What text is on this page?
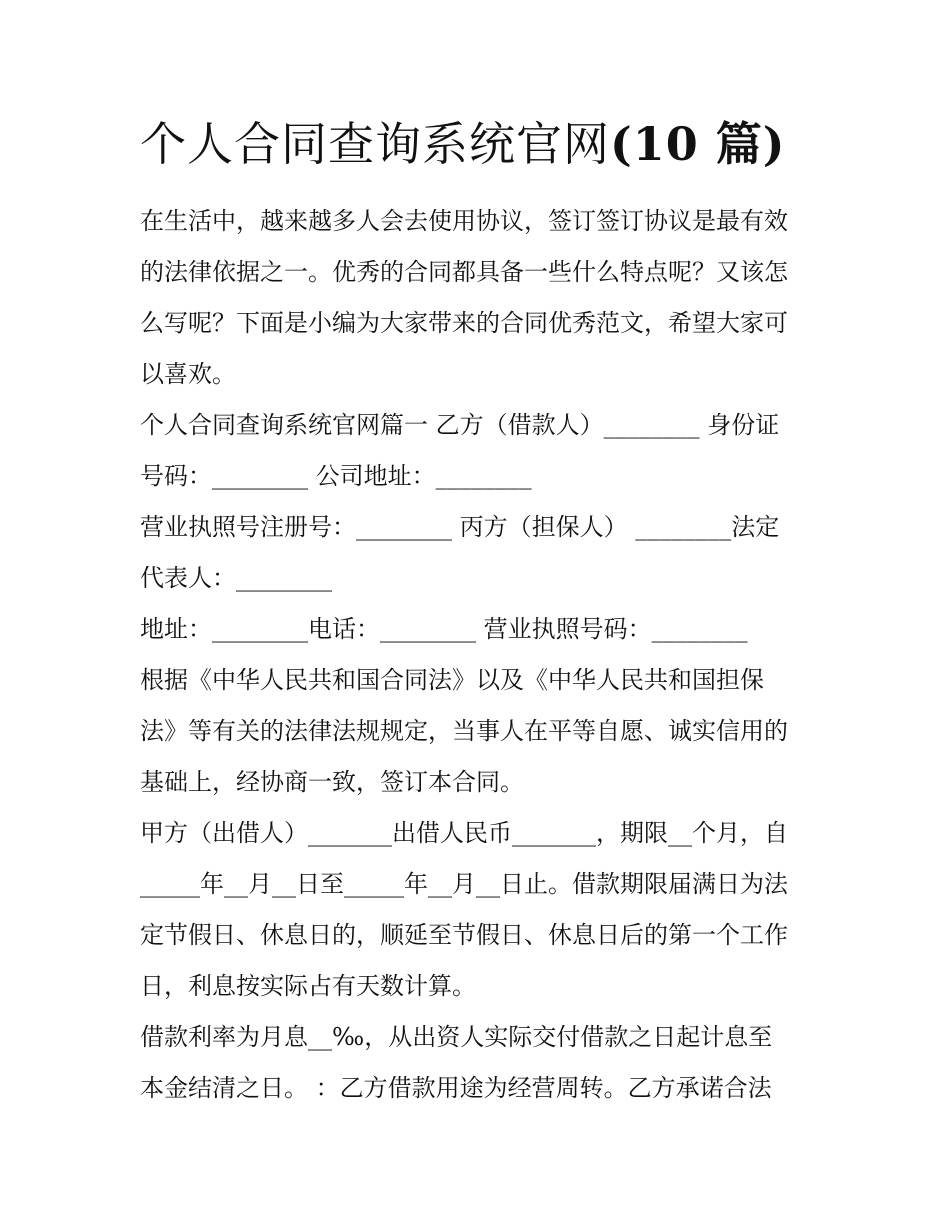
个人合同查询系统官网(10 篇)
在生活中，越来越多人会去使用协议，签订签订协议是最有效
的法律依据之一。优秀的合同都具备一些什么特点呢？又该怎
么写呢？下面是小编为大家带来的合同优秀范文，希望大家可
以喜欢。
个人合同查询系统官网篇一 乙方（借款人）________ 身份证
号码：________ 公司地址：________
营业执照号注册号：________ 丙方（担保人） ________法定
代表人：________
地址：________电话：________ 营业执照号码：________
根据《中华人民共和国合同法》以及《中华人民共和国担保
法》等有关的法律法规规定，当事人在平等自愿、诚实信用的
基础上，经协商一致，签订本合同。
甲方（出借人）_______出借人民币_______，期限__个月，自
_____年__月__日至_____年__月__日止。借款期限届满日为法
定节假日、休息日的，顺延至节假日、休息日后的第一个工作
日，利息按实际占有天数计算。
借款利率为月息__‰，从出资人实际交付借款之日起计息至
本金结清之日。 ：乙方借款用途为经营周转。乙方承诺合法
